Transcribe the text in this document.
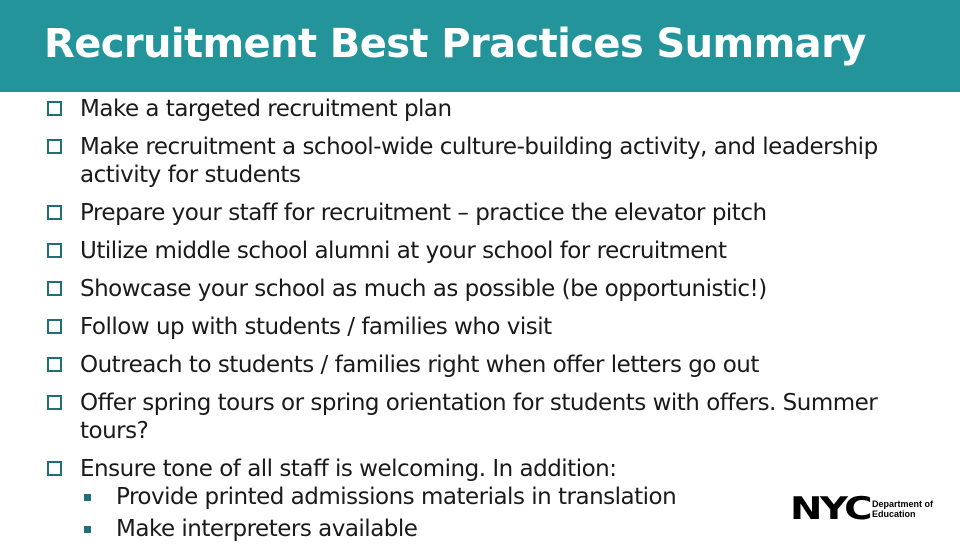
Recruitment Best Practices Summary
Make a targeted recruitment plan
Make recruitment a school-wide culture-building activity, and leadership activity for students
Prepare your staff for recruitment – practice the elevator pitch
Utilize middle school alumni at your school for recruitment
Showcase your school as much as possible (be opportunistic!)
Follow up with students / families who visit
Outreach to students / families right when offer letters go out
Offer spring tours or spring orientation for students with offers. Summer tours?
Ensure tone of all staff is welcoming. In addition:
Provide printed admissions materials in translation
Make interpreters available
NYC Department of
Education
